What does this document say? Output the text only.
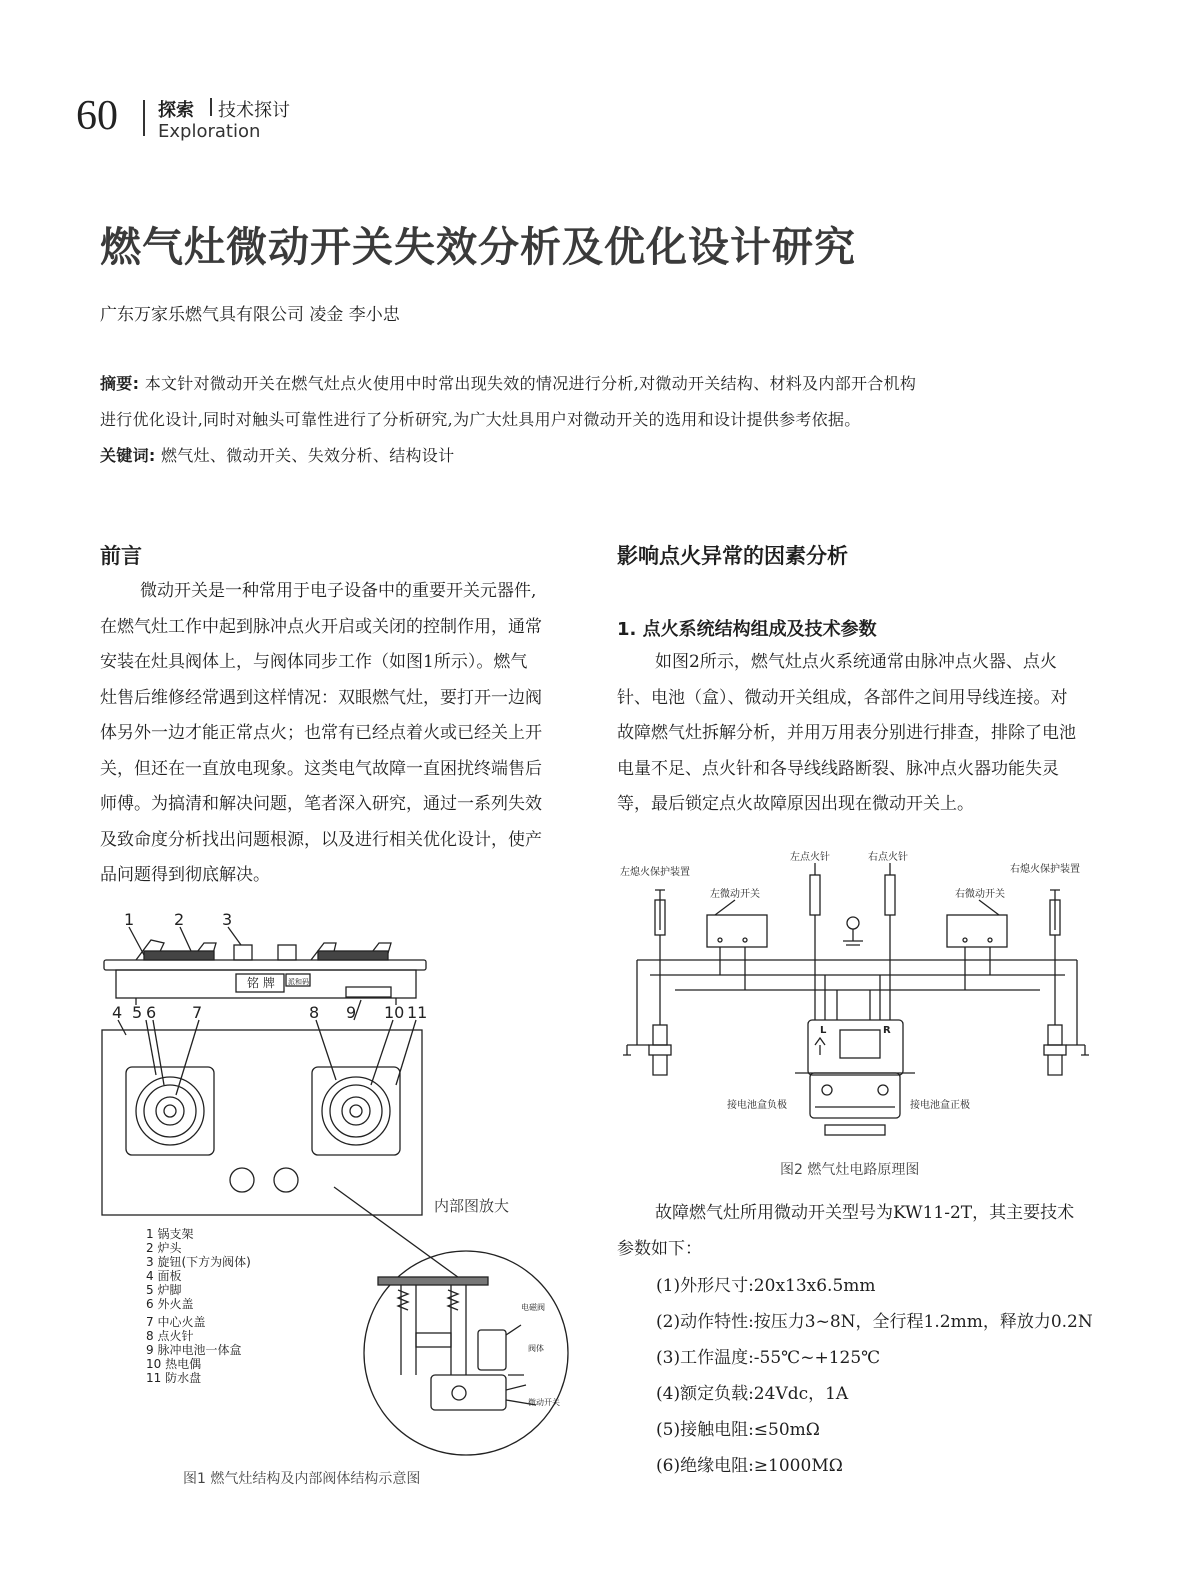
60 探索 技术探讨
Exploration
燃气灶微动开关失效分析及优化设计研究
广东万家乐燃气具有限公司 凌金 李小忠
摘要: 本文针对微动开关在燃气灶点火使用中时常出现失效的情况进行分析,对微动开关结构、材料及内部开合机构
进行优化设计,同时对触头可靠性进行了分析研究,为广大灶具用户对微动开关的选用和设计提供参考依据。
关键词: 燃气灶、微动开关、失效分析、结构设计
前言
微动开关是一种常用于电子设备中的重要开关元器件,
在燃气灶工作中起到脉冲点火开启或关闭的控制作用，通常
安装在灶具阀体上，与阀体同步工作（如图1所示）。燃气
灶售后维修经常遇到这样情况：双眼燃气灶，要打开一边阀
体另外一边才能正常点火；也常有已经点着火或已经关上开
关，但还在一直放电现象。这类电气故障一直困扰终端售后
师傅。为搞清和解决问题，笔者深入研究，通过一系列失效
及致命度分析找出问题根源，以及进行相关优化设计，使产
品问题得到彻底解决。
1 2 3
铭 牌 派和码
4 5 6 7	8 9 10 11
内部图放大
1 锅支架
2 炉头
3 旋钮(下方为阀体)
4 面板
5 炉脚
6 外火盖
7 中心火盖
8 点火针
9 脉冲电池一体盒
10 热电偶
11 防水盘
电磁阀
阀体
微动开关
图1 燃气灶结构及内部阀体结构示意图
影响点火异常的因素分析
1. 点火系统结构组成及技术参数
如图2所示，燃气灶点火系统通常由脉冲点火器、点火
针、电池（盒）、微动开关组成，各部件之间用导线连接。对
故障燃气灶拆解分析，并用万用表分别进行排查，排除了电池
电量不足、点火针和各导线线路断裂、脉冲点火器功能失灵
等，最后锁定点火故障原因出现在微动开关上。
左熄火保护装置
左点火针	右点火针
右熄火保护装置
左微动开关	右微动开关
L	R
接电池盒负极	接电池盒正极
图2 燃气灶电路原理图
故障燃气灶所用微动开关型号为KW11-2T，其主要技术
参数如下：
(1)外形尺寸:20x13x6.5mm
(2)动作特性:按压力3~8N，全行程1.2mm，释放力0.2N
(3)工作温度:-55℃~+125℃
(4)额定负载:24Vdc，1A
(5)接触电阻:≤50mΩ
(6)绝缘电阻:≥1000MΩ
